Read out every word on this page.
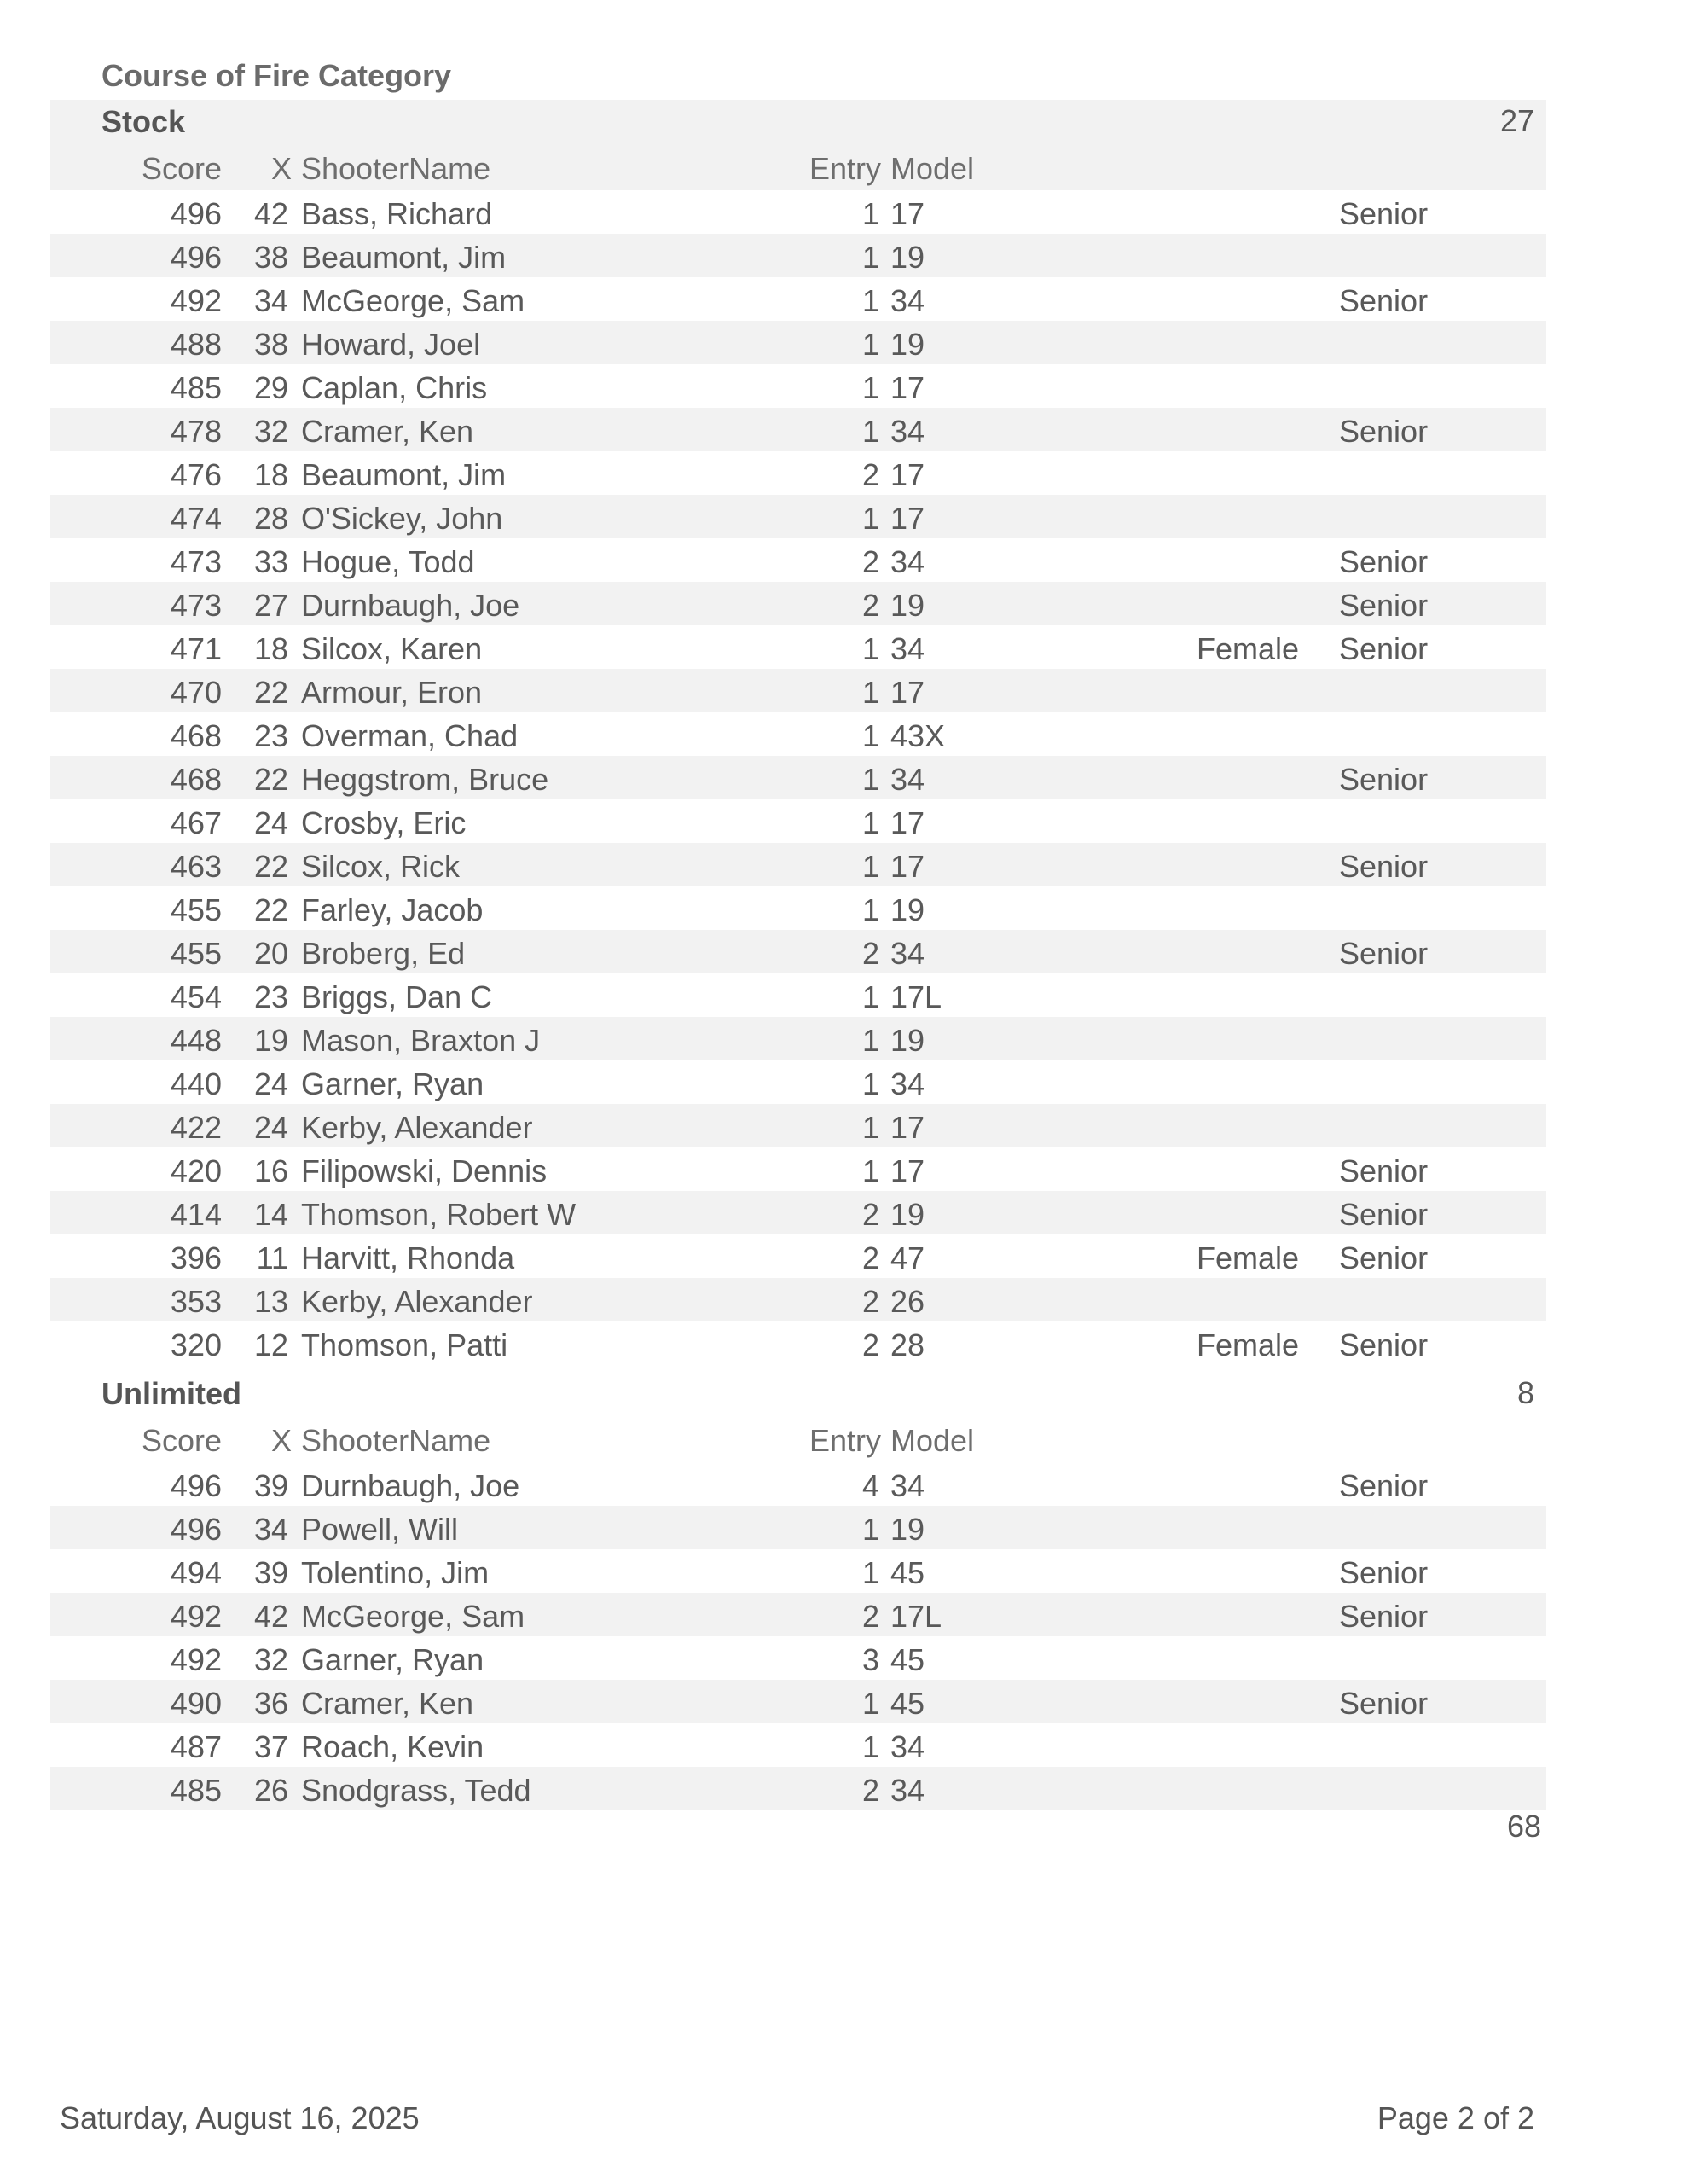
Course of Fire Category
Stock	27
Score X ShooterName	Entry Model
496 42 Bass, Richard	1 17	Senior
496 38 Beaumont, Jim	1 19
492 34 McGeorge, Sam	1 34	Senior
488 38 Howard, Joel	1 19
485 29 Caplan, Chris	1 17
478 32 Cramer, Ken	1 34	Senior
476 18 Beaumont, Jim	2 17
474 28 O'Sickey, John	1 17
473 33 Hogue, Todd	2 34	Senior
473 27 Durnbaugh, Joe	2 19	Senior
471 18 Silcox, Karen	1 34	Female Senior
470 22 Armour, Eron	1 17
468 23 Overman, Chad	1 43X
468 22 Heggstrom, Bruce	1 34	Senior
467 24 Crosby, Eric	1 17
463 22 Silcox, Rick	1 17	Senior
455 22 Farley, Jacob	1 19
455 20 Broberg, Ed	2 34	Senior
454 23 Briggs, Dan C	1 17L
448 19 Mason, Braxton J	1 19
440 24 Garner, Ryan	1 34
422 24 Kerby, Alexander	1 17
420 16 Filipowski, Dennis	1 17	Senior
414 14 Thomson, Robert W	2 19	Senior
396 11 Harvitt, Rhonda	2 47	Female Senior
353 13 Kerby, Alexander	2 26
320 12 Thomson, Patti	2 28	Female Senior
Unlimited	8
Score X ShooterName	Entry Model
496 39 Durnbaugh, Joe	4 34	Senior
496 34 Powell, Will	1 19
494 39 Tolentino, Jim	1 45	Senior
492 42 McGeorge, Sam	2 17L	Senior
492 32 Garner, Ryan	3 45
490 36 Cramer, Ken	1 45	Senior
487 37 Roach, Kevin	1 34
485 26 Snodgrass, Tedd	2 34
68
Saturday, August 16, 2025	Page 2 of 2
